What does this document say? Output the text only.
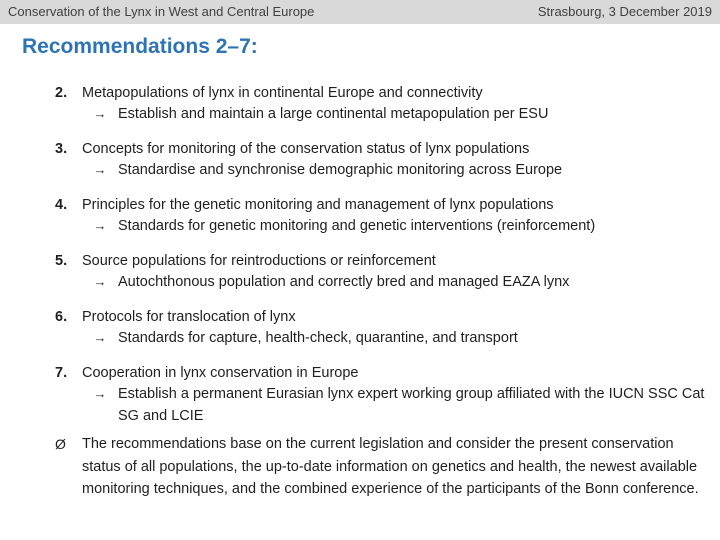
Conservation of the Lynx in West and Central Europe	Strasbourg, 3 December 2019
Recommendations 2–7:
2.	Metapopulations of lynx in continental Europe and connectivity
→ Establish and maintain a large continental metapopulation per ESU
3.	Concepts for monitoring of the conservation status of lynx populations
→ Standardise and synchronise demographic monitoring across Europe
4.	Principles for the genetic monitoring and management of lynx populations
→ Standards for genetic monitoring and genetic interventions (reinforcement)
5.	Source populations for reintroductions or reinforcement
→ Autochthonous population and correctly bred and managed EAZA lynx
6.	Protocols for translocation of lynx
→ Standards for capture, health-check, quarantine, and transport
7.	Cooperation in lynx conservation in Europe
→ Establish a permanent Eurasian lynx expert working group affiliated with the IUCN SSC Cat SG and LCIE
Ø	The recommendations base on the current legislation and consider the present conservation status of all populations, the up-to-date information on genetics and health, the newest available monitoring techniques, and the combined experience of the participants of the Bonn conference.
